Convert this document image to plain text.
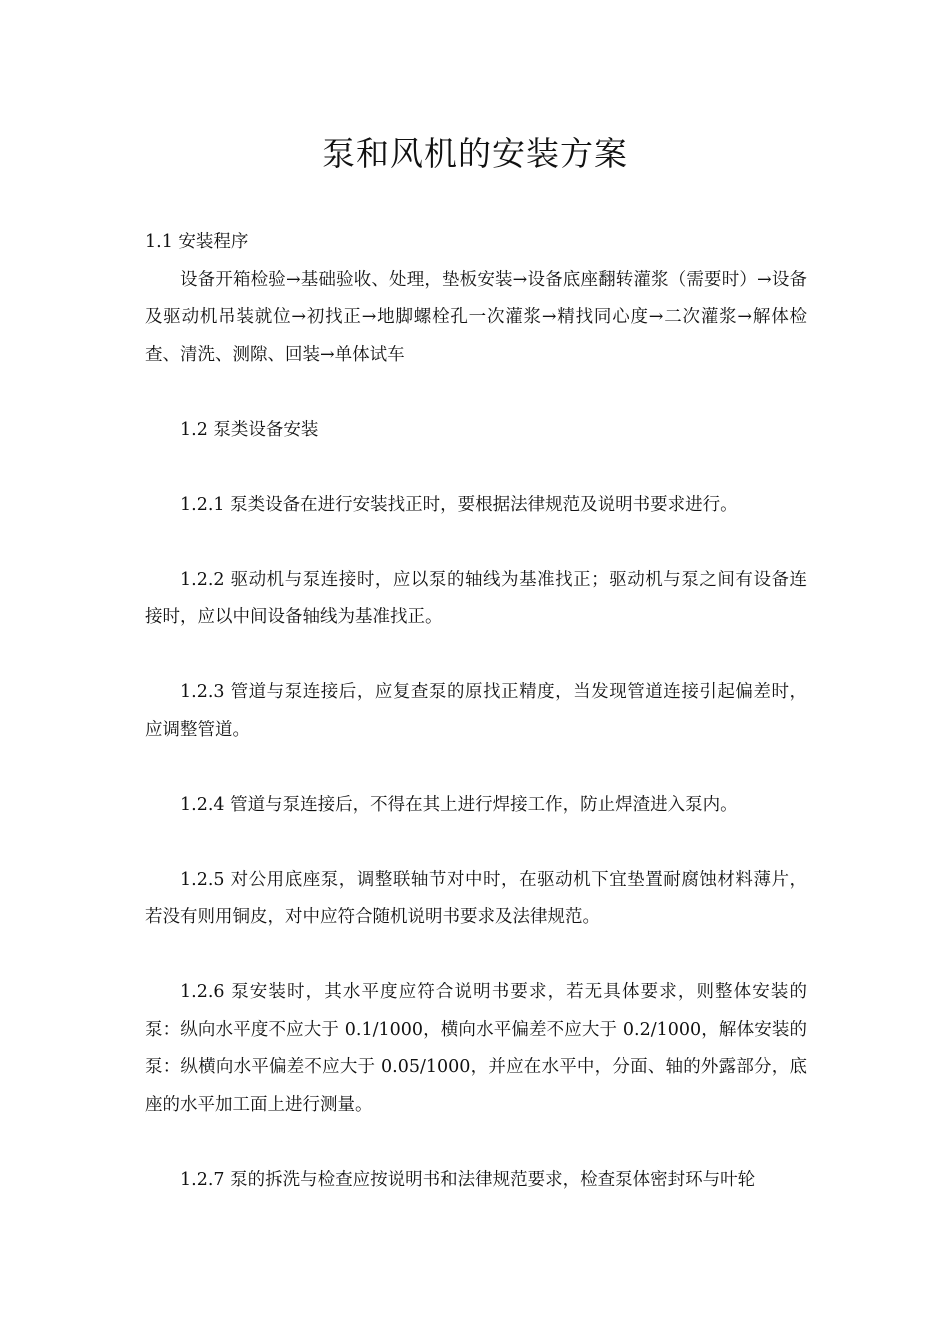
泵和风机的安装方案

1.1 安装程序

设备开箱检验→基础验收、处理，垫板安装→设备底座翻转灌浆（需要时）→设备及驱动机吊装就位→初找正→地脚螺栓孔一次灌浆→精找同心度→二次灌浆→解体检查、清洗、测隙、回装→单体试车

1.2 泵类设备安装

1.2.1 泵类设备在进行安装找正时，要根据法律规范及说明书要求进行。

1.2.2 驱动机与泵连接时，应以泵的轴线为基准找正；驱动机与泵之间有设备连接时，应以中间设备轴线为基准找正。

1.2.3 管道与泵连接后，应复查泵的原找正精度，当发现管道连接引起偏差时，应调整管道。

1.2.4 管道与泵连接后，不得在其上进行焊接工作，防止焊渣进入泵内。

1.2.5 对公用底座泵，调整联轴节对中时，在驱动机下宜垫置耐腐蚀材料薄片，若没有则用铜皮，对中应符合随机说明书要求及法律规范。

1.2.6 泵安装时，其水平度应符合说明书要求，若无具体要求，则整体安装的泵：纵向水平度不应大于 0.1/1000，横向水平偏差不应大于 0.2/1000，解体安装的泵：纵横向水平偏差不应大于 0.05/1000，并应在水平中，分面、轴的外露部分，底座的水平加工面上进行测量。

1.2.7 泵的拆洗与检查应按说明书和法律规范要求，检查泵体密封环与叶轮
